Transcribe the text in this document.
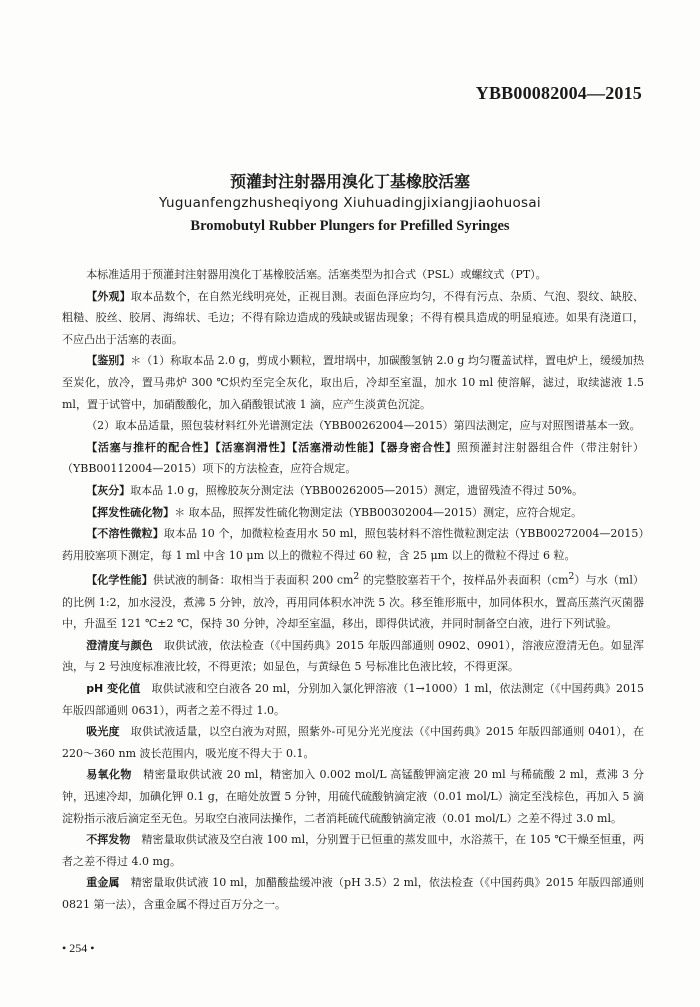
YBB00082004—2015
预灌封注射器用溴化丁基橡胶活塞
Yuguanfengzhusheqiyong Xiuhuadingjixiangjiaohuosai
Bromobutyl Rubber Plungers for Prefilled Syringes

本标准适用于预灌封注射器用溴化丁基橡胶活塞。活塞类型为扣合式（PSL）或螺纹式（PT）。

【外观】取本品数个，在自然光线明亮处，正视目测。表面色泽应均匀，不得有污点、杂质、气泡、裂纹、缺胶、粗糙、胶丝、胶屑、海绵状、毛边；不得有除边造成的残缺或锯齿现象；不得有模具造成的明显痕迹。如果有浇道口，不应凸出于活塞的表面。

【鉴别】＊（1）称取本品 2.0 g，剪成小颗粒，置坩埚中，加碳酸氢钠 2.0 g 均匀覆盖试样，置电炉上，缓缓加热至炭化，放冷，置马弗炉 300 ℃炽灼至完全灰化，取出后，冷却至室温，加水 10 ml 使溶解，滤过，取续滤液 1.5 ml，置于试管中，加硝酸酸化，加入硝酸银试液 1 滴，应产生淡黄色沉淀。

（2）取本品适量，照包装材料红外光谱测定法（YBB00262004—2015）第四法测定，应与对照图谱基本一致。

【活塞与推杆的配合性】【活塞润滑性】【活塞滑动性能】【器身密合性】照预灌封注射器组合件（带注射针）（YBB00112004—2015）项下的方法检查，应符合规定。

【灰分】取本品 1.0 g，照橡胶灰分测定法（YBB00262005—2015）测定，遗留残渣不得过 50%。

【挥发性硫化物】＊ 取本品，照挥发性硫化物测定法（YBB00302004—2015）测定，应符合规定。

【不溶性微粒】取本品 10 个，加微粒检查用水 50 ml，照包装材料不溶性微粒测定法（YBB00272004—2015）药用胶塞项下测定，每 1 ml 中含 10 μm 以上的微粒不得过 60 粒，含 25 μm 以上的微粒不得过 6 粒。

【化学性能】供试液的制备：取相当于表面积 200 $cm^2$ 的完整胶塞若干个，按样品外表面积$(cm^2)$与水（ml）的比例 1:2，加水浸没，煮沸 5 分钟，放冷，再用同体积水冲洗 5 次。移至锥形瓶中，加同体积水，置高压蒸汽灭菌器中，升温至 121 ℃±2 ℃，保持 30 分钟，冷却至室温，移出，即得供试液，并同时制备空白液，进行下列试验。

澄清度与颜色　 取供试液，依法检查（《中国药典》2015 年版四部通则 0902、0901），溶液应澄清无色。如显浑浊，与 2 号浊度标准液比较，不得更浓；如显色，与黄绿色 5 号标准比色液比较，不得更深。

pH 变化值　 取供试液和空白液各 20 ml，分别加入氯化钾溶液（1→1000）1 ml，依法测定（《中国药典》2015 年版四部通则 0631），两者之差不得过 1.0。

吸光度　 取供试液适量，以空白液为对照，照紫外-可见分光光度法（《中国药典》2015 年版四部通则 0401），在 220～360 nm 波长范围内，吸光度不得大于 0.1。

易氧化物　 精密量取供试液 20 ml，精密加入 0.002 mol/L 高锰酸钾滴定液 20 ml 与稀硫酸 2 ml，煮沸 3 分钟，迅速冷却，加碘化钾 0.1 g，在暗处放置 5 分钟，用硫代硫酸钠滴定液（0.01 mol/L）滴定至浅棕色，再加入 5 滴淀粉指示液后滴定至无色。另取空白液同法操作，二者消耗硫代硫酸钠滴定液（0.01 mol/L）之差不得过 3.0 ml。

不挥发物　 精密量取供试液及空白液 100 ml，分别置于已恒重的蒸发皿中，水浴蒸干，在 105 ℃干燥至恒重，两者之差不得过 4.0 mg。

重金属　 精密量取供试液 10 ml，加醋酸盐缓冲液（pH 3.5）2 ml，依法检查（《中国药典》2015 年版四部通则 0821 第一法），含重金属不得过百万分之一。

• 254 •
